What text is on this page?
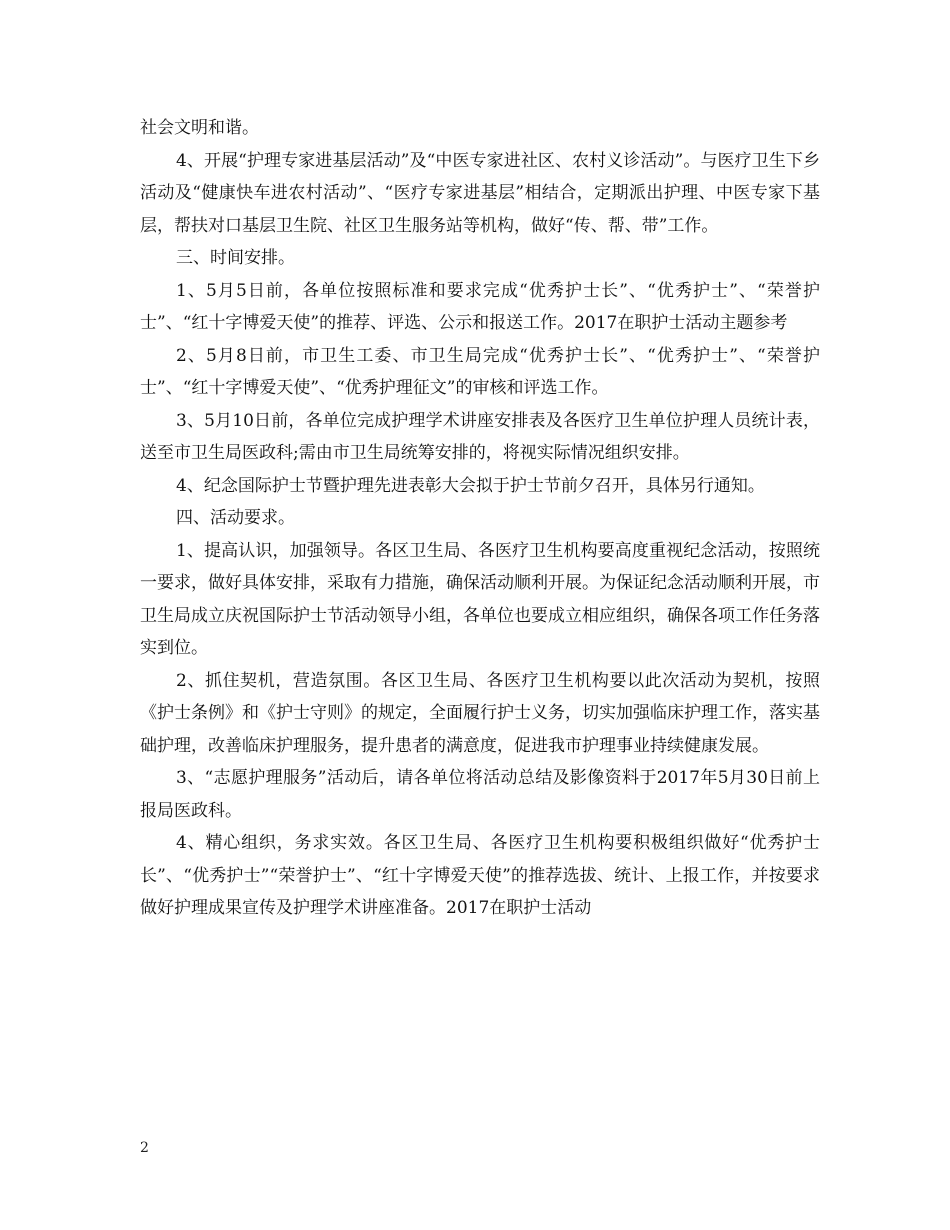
社会文明和谐。

4、开展“护理专家进基层活动”及“中医专家进社区、农村义诊活动”。与医疗卫生下乡活动及“健康快车进农村活动”、“医疗专家进基层”相结合，定期派出护理、中医专家下基层，帮扶对口基层卫生院、社区卫生服务站等机构，做好“传、帮、带”工作。

三、时间安排。

1、5月5日前，各单位按照标准和要求完成“优秀护士长”、“优秀护士”、“荣誉护士”、“红十字博爱天使”的推荐、评选、公示和报送工作。2017在职护士活动主题参考

2、5月8日前，市卫生工委、市卫生局完成“优秀护士长”、“优秀护士”、“荣誉护士”、“红十字博爱天使”、“优秀护理征文”的审核和评选工作。

3、5月10日前，各单位完成护理学术讲座安排表及各医疗卫生单位护理人员统计表，送至市卫生局医政科;需由市卫生局统筹安排的，将视实际情况组织安排。

4、纪念国际护士节暨护理先进表彰大会拟于护士节前夕召开，具体另行通知。

四、活动要求。

1、提高认识，加强领导。各区卫生局、各医疗卫生机构要高度重视纪念活动，按照统一要求，做好具体安排，采取有力措施，确保活动顺利开展。为保证纪念活动顺利开展，市卫生局成立庆祝国际护士节活动领导小组，各单位也要成立相应组织，确保各项工作任务落实到位。

2、抓住契机，营造氛围。各区卫生局、各医疗卫生机构要以此次活动为契机，按照《护士条例》和《护士守则》的规定，全面履行护士义务，切实加强临床护理工作，落实基础护理，改善临床护理服务，提升患者的满意度，促进我市护理事业持续健康发展。

3、“志愿护理服务”活动后，请各单位将活动总结及影像资料于2017年5月30日前上报局医政科。

4、精心组织，务求实效。各区卫生局、各医疗卫生机构要积极组织做好“优秀护士长”、“优秀护士”“荣誉护士”、“红十字博爱天使”的推荐选拔、统计、上报工作，并按要求做好护理成果宣传及护理学术讲座准备。2017在职护士活动

2
